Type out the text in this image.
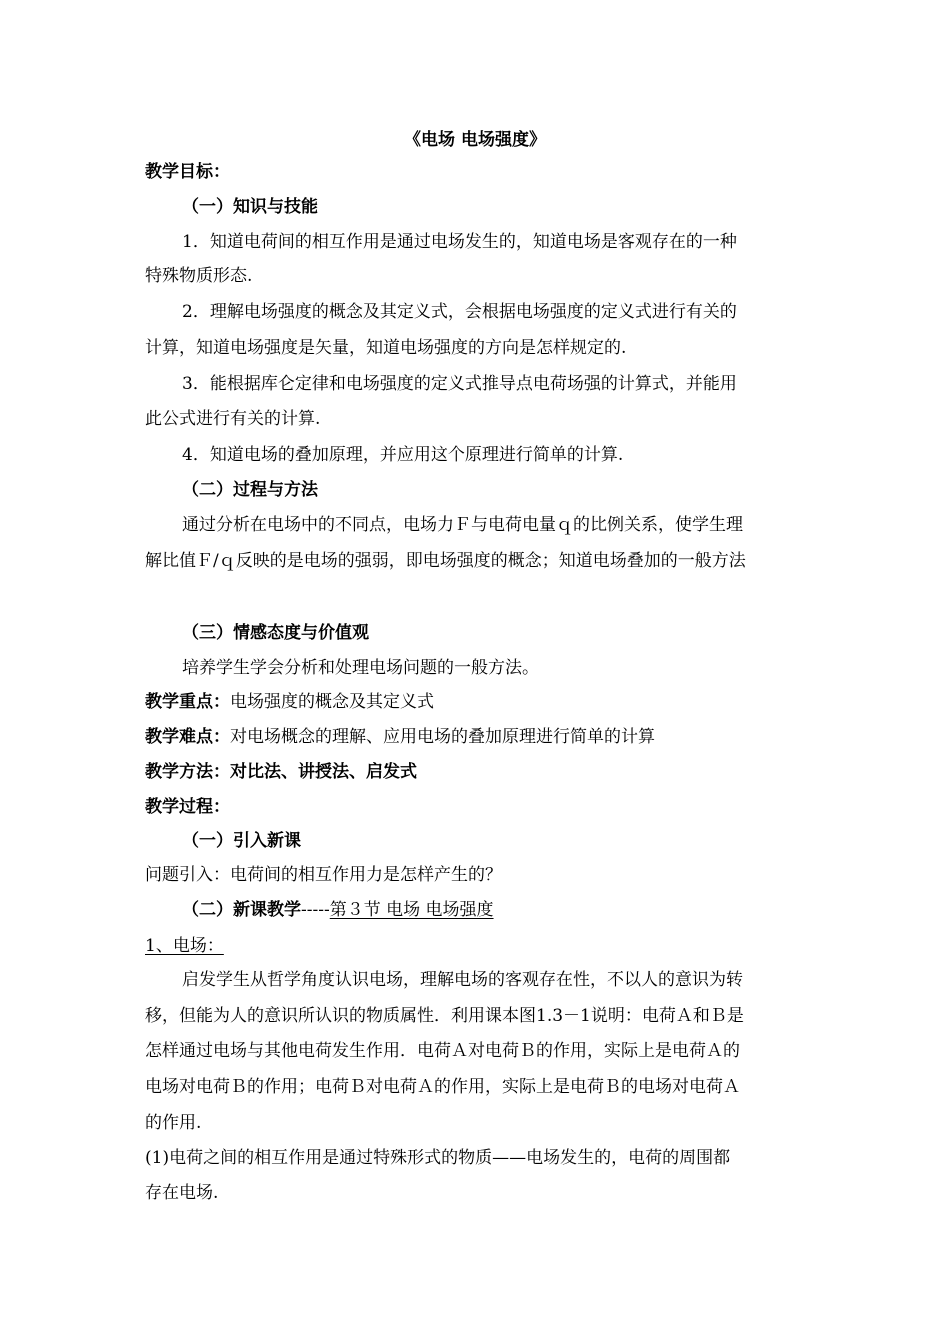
《电场 电场强度》
教学目标：
（一）知识与技能
1．知道电荷间的相互作用是通过电场发生的，知道电场是客观存在的一种
特殊物质形态.
2．理解电场强度的概念及其定义式，会根据电场强度的定义式进行有关的
计算，知道电场强度是矢量，知道电场强度的方向是怎样规定的.
3．能根据库仑定律和电场强度的定义式推导点电荷场强的计算式，并能用
此公式进行有关的计算.
4．知道电场的叠加原理，并应用这个原理进行简单的计算.
（二）过程与方法
通过分析在电场中的不同点，电场力Ｆ与电荷电量ｑ的比例关系，使学生理
解比值Ｆ/ｑ反映的是电场的强弱，即电场强度的概念；知道电场叠加的一般方法
（三）情感态度与价值观
培养学生学会分析和处理电场问题的一般方法。
教学重点：电场强度的概念及其定义式
教学难点：对电场概念的理解、应用电场的叠加原理进行简单的计算
教学方法：对比法、讲授法、启发式
教学过程：
（一）引入新课
问题引入：电荷间的相互作用力是怎样产生的？
（二）新课教学-----第３节 电场 电场强度
1、电场：
启发学生从哲学角度认识电场，理解电场的客观存在性，不以人的意识为转
移，但能为人的意识所认识的物质属性．利用课本图1.3－1说明：电荷Ａ和Ｂ是
怎样通过电场与其他电荷发生作用．电荷Ａ对电荷Ｂ的作用，实际上是电荷Ａ的
电场对电荷Ｂ的作用；电荷Ｂ对电荷Ａ的作用，实际上是电荷Ｂ的电场对电荷Ａ
的作用.
(1)电荷之间的相互作用是通过特殊形式的物质——电场发生的，电荷的周围都
存在电场.
